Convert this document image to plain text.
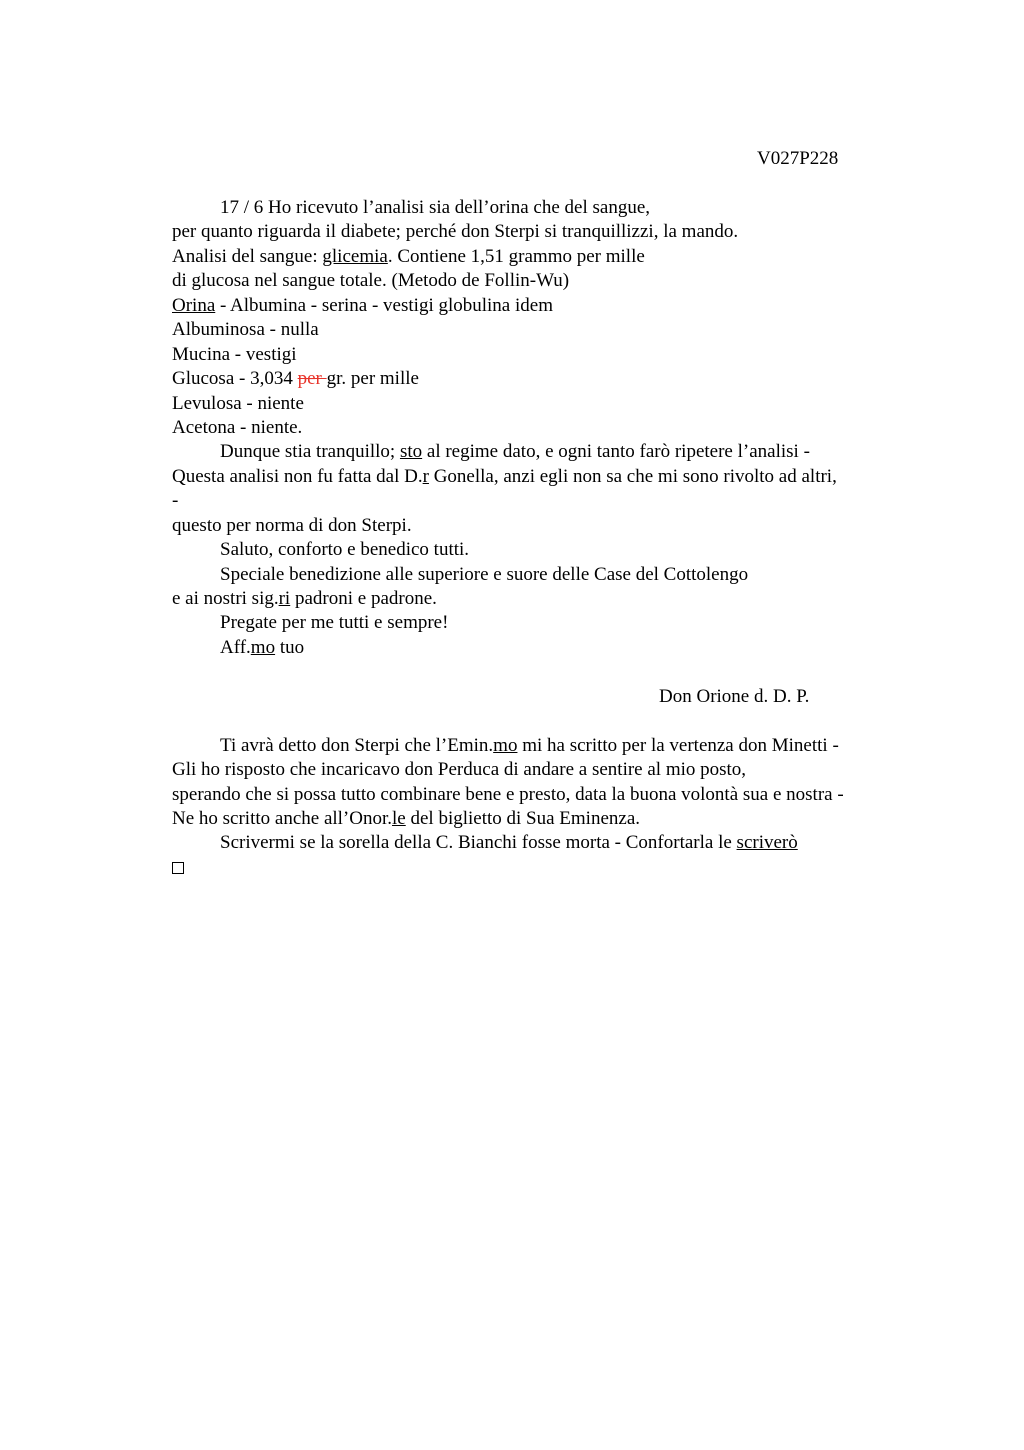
V027P228
17 / 6 Ho ricevuto l’analisi sia dell’orina che del sangue,
per quanto riguarda il diabete; perché don Sterpi si tranquillizzi, la mando.
Analisi del sangue: glicemia. Contiene 1,51 grammo per mille
di glucosa nel sangue totale. (Metodo de Follin-Wu)
Orina - Albumina - serina - vestigi globulina idem
Albuminosa - nulla
Mucina - vestigi
Glucosa - 3,034 per gr. per mille
Levulosa - niente
Acetona - niente.
Dunque stia tranquillo; sto al regime dato, e ogni tanto farò ripetere l’analisi -
Questa analisi non fu fatta dal D.r Gonella, anzi egli non sa che mi sono rivolto ad altri,
-
questo per norma di don Sterpi.
Saluto, conforto e benedico tutti.
Speciale benedizione alle superiore e suore delle Case del Cottolengo
e ai nostri sig.ri padroni e padrone.
Pregate per me tutti e sempre!
Aff.mo tuo
Don Orione d. D. P.
Ti avrà detto don Sterpi che l’Emin.mo mi ha scritto per la vertenza don Minetti -
Gli ho risposto che incaricavo don Perduca di andare a sentire al mio posto,
sperando che si possa tutto combinare bene e presto, data la buona volontà sua e nostra -
Ne ho scritto anche all’Onor.le del biglietto di Sua Eminenza.
Scrivermi se la sorella della C. Bianchi fosse morta - Confortarla le scriverò
